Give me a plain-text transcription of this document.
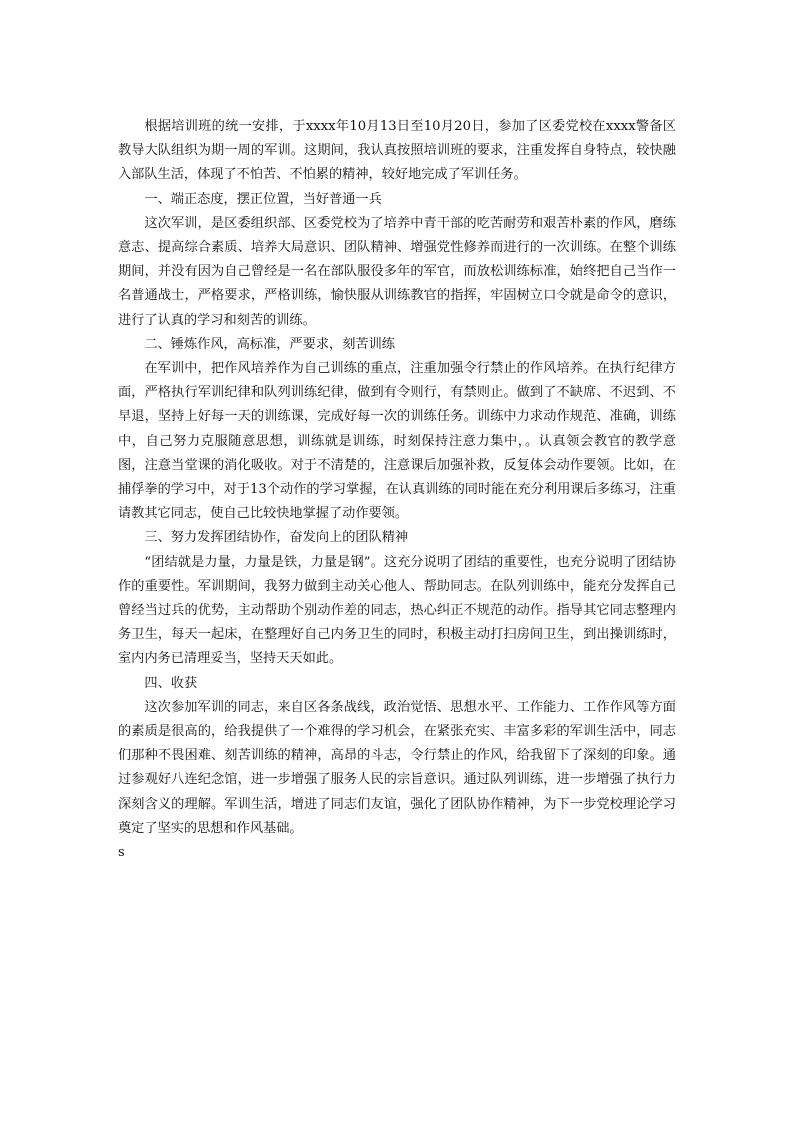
根据培训班的统一安排，于xxxx年10月13日至10月20日，参加了区委党校在xxxx警备区教导大队组织为期一周的军训。这期间，我认真按照培训班的要求，注重发挥自身特点，较快融入部队生活，体现了不怕苦、不怕累的精神，较好地完成了军训任务。

一、端正态度，摆正位置，当好普通一兵

这次军训，是区委组织部、区委党校为了培养中青干部的吃苦耐劳和艰苦朴素的作风，磨练意志、提高综合素质、培养大局意识、团队精神、增强党性修养而进行的一次训练。在整个训练期间，并没有因为自己曾经是一名在部队服役多年的军官，而放松训练标准，始终把自己当作一名普通战士，严格要求，严格训练，愉快服从训练教官的指挥，牢固树立口令就是命令的意识，进行了认真的学习和刻苦的训练。

二、锤炼作风，高标准，严要求，刻苦训练

在军训中，把作风培养作为自己训练的重点，注重加强令行禁止的作风培养。在执行纪律方面，严格执行军训纪律和队列训练纪律，做到有令则行，有禁则止。做到了不缺席、不迟到、不早退，坚持上好每一天的训练课，完成好每一次的训练任务。训练中力求动作规范、准确，训练中，自己努力克服随意思想，训练就是训练，时刻保持注意力集中，。认真领会教官的教学意图，注意当堂课的消化吸收。对于不清楚的，注意课后加强补救，反复体会动作要领。比如，在捕俘拳的学习中，对于13个动作的学习掌握，在认真训练的同时能在充分利用课后多练习，注重请教其它同志，使自己比较快地掌握了动作要领。

三、努力发挥团结协作，奋发向上的团队精神

“团结就是力量，力量是铁，力量是钢”。这充分说明了团结的重要性，也充分说明了团结协作的重要性。军训期间，我努力做到主动关心他人、帮助同志。在队列训练中，能充分发挥自己曾经当过兵的优势，主动帮助个别动作差的同志，热心纠正不规范的动作。指导其它同志整理内务卫生，每天一起床，在整理好自己内务卫生的同时，积极主动打扫房间卫生，到出操训练时，室内内务已清理妥当，坚持天天如此。

四、收获

这次参加军训的同志，来自区各条战线，政治觉悟、思想水平、工作能力、工作作风等方面的素质是很高的，给我提供了一个难得的学习机会，在紧张充实、丰富多彩的军训生活中，同志们那种不畏困难、刻苦训练的精神，高昂的斗志，令行禁止的作风，给我留下了深刻的印象。通过参观好八连纪念馆，进一步增强了服务人民的宗旨意识。通过队列训练，进一步增强了执行力深刻含义的理解。军训生活，增进了同志们友谊，强化了团队协作精神，为下一步党校理论学习奠定了坚实的思想和作风基础。

s
